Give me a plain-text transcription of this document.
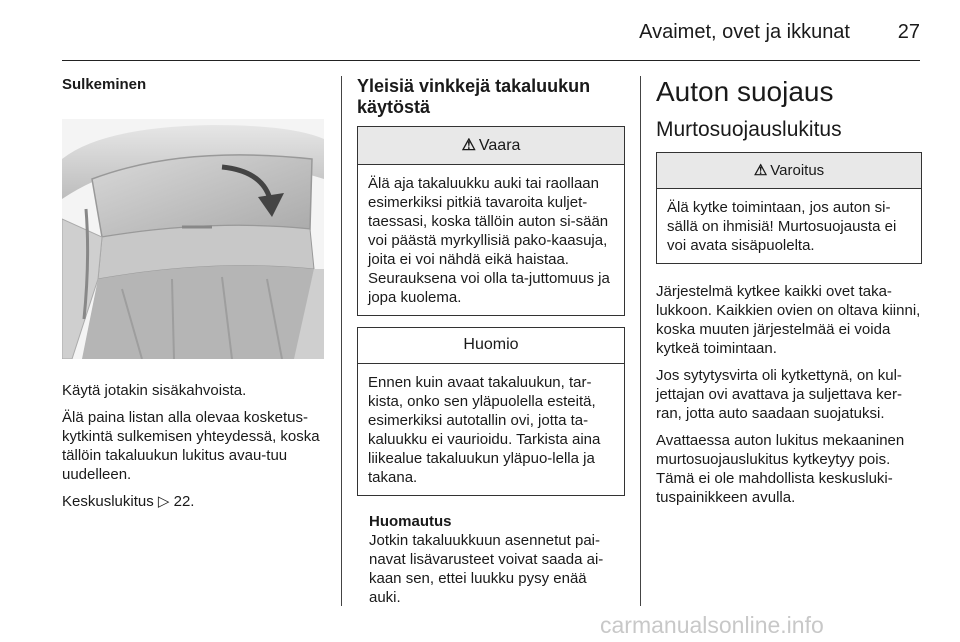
Avaimet, ovet ja ikkunat 27
Sulkeminen

Käytä jotakin sisäkahvoista.

Älä paina listan alla olevaa kosketus-kytkintä sulkemisen yhteydessä, koska tällöin takaluukun lukitus avau-tuu uudelleen.

Keskuslukitus ▷ 22.

Yleisiä vinkkejä takaluukun käytöstä
⚠ Vaara
Älä aja takaluukku auki tai raollaan esimerkiksi pitkiä tavaroita kuljet-taessasi, koska tällöin auton si-sään voi päästä myrkyllisiä pako-kaasuja, joita ei voi nähdä eikä haistaa. Seurauksena voi olla ta-juttomuus ja jopa kuolema.
Huomio
Ennen kuin avaat takaluukun, tar-kista, onko sen yläpuolella esteitä, esimerkiksi autotallin ovi, jotta ta-kaluukku ei vaurioidu. Tarkista aina liikealue takaluukun yläpuo-lella ja takana.
Huomautus

Jotkin takaluukkuun asennetut pai-navat lisävarusteet voivat saada ai-kaan sen, ettei luukku pysy enää auki.

Auton suojaus
Murtosuojauslukitus
⚠ Varoitus
Älä kytke toimintaan, jos auton si-sällä on ihmisiä! Murtosuojausta ei voi avata sisäpuolelta.

Järjestelmä kytkee kaikki ovet taka-lukkoon. Kaikkien ovien on oltava kiinni, koska muuten järjestelmää ei voida kytkeä toimintaan.

Jos sytytysvirta oli kytkettynä, on kul-jettajan ovi avattava ja suljettava ker-ran, jotta auto saadaan suojatuksi.

Avattaessa auton lukitus mekaaninen murtosuojauslukitus kytkeytyy pois. Tämä ei ole mahdollista keskusluki-tuspainikkeen avulla.

carmanualsonline.info
